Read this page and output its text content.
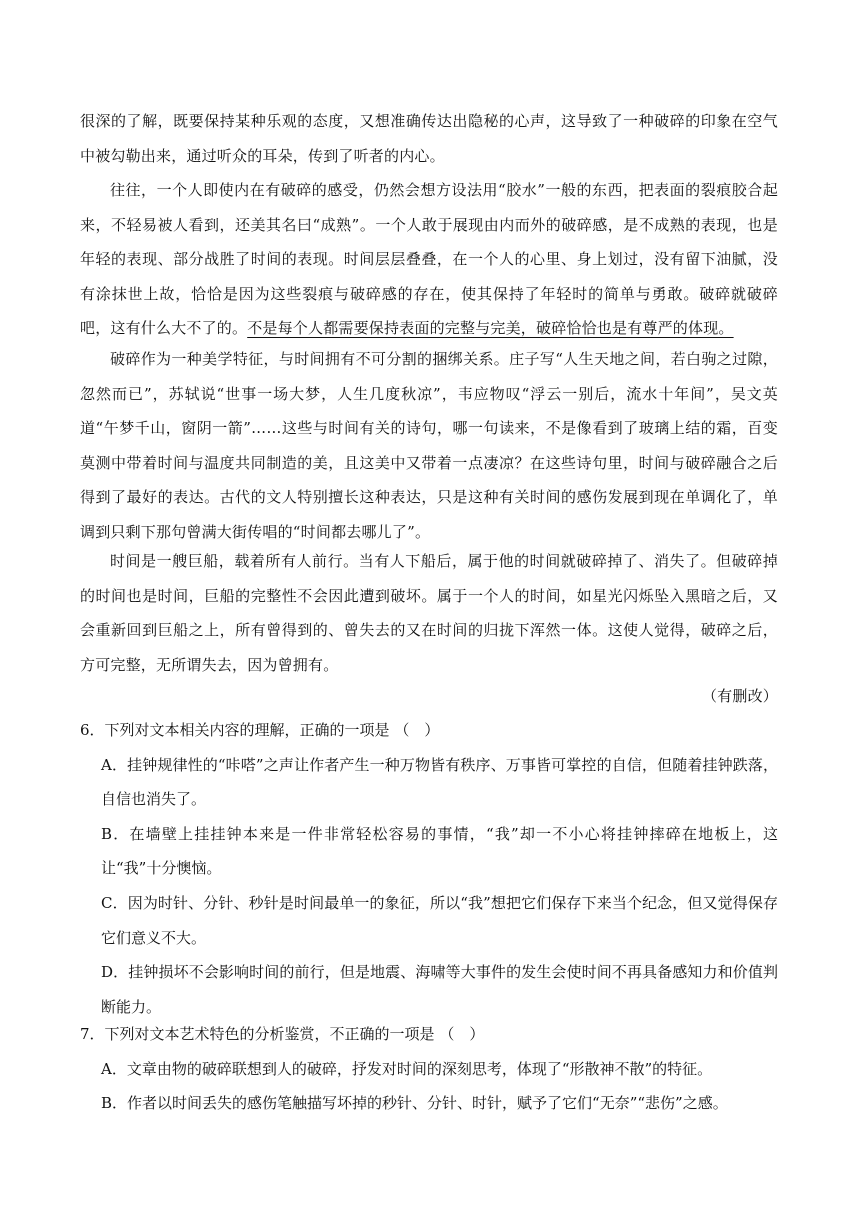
很深的了解，既要保持某种乐观的态度，又想准确传达出隐秘的心声，这导致了一种破碎的印象在空气中被勾勒出来，通过听众的耳朵，传到了听者的内心。

往往，一个人即使内在有破碎的感受，仍然会想方设法用“胶水”一般的东西，把表面的裂痕胶合起来，不轻易被人看到，还美其名曰“成熟”。一个人敢于展现由内而外的破碎感，是不成熟的表现，也是年轻的表现、部分战胜了时间的表现。时间层层叠叠，在一个人的心里、身上划过，没有留下油腻，没有涂抹世上故，恰恰是因为这些裂痕与破碎感的存在，使其保持了年轻时的简单与勇敢。破碎就破碎吧，这有什么大不了的。不是每个人都需要保持表面的完整与完美，破碎恰恰也是有尊严的体现。

破碎作为一种美学特征，与时间拥有不可分割的捆绑关系。庄子写“人生天地之间，若白驹之过隙，忽然而已”，苏轼说“世事一场大梦，人生几度秋凉”，韦应物叹“浮云一别后，流水十年间”，吴文英道“午梦千山，窗阴一箭”……这些与时间有关的诗句，哪一句读来，不是像看到了玻璃上结的霜，百变莫测中带着时间与温度共同制造的美，且这美中又带着一点凄凉？在这些诗句里，时间与破碎融合之后得到了最好的表达。古代的文人特别擅长这种表达，只是这种有关时间的感伤发展到现在单调化了，单调到只剩下那句曾满大街传唱的“时间都去哪儿了”。

时间是一艘巨船，载着所有人前行。当有人下船后，属于他的时间就破碎掉了、消失了。但破碎掉的时间也是时间，巨船的完整性不会因此遭到破坏。属于一个人的时间，如星光闪烁坠入黑暗之后，又会重新回到巨船之上，所有曾得到的、曾失去的又在时间的归拢下浑然一体。这使人觉得，破碎之后，方可完整，无所谓失去，因为曾拥有。

（有删改）

6．下列对文本相关内容的理解，正确的一项是 （　）

A．挂钟规律性的“咔嗒”之声让作者产生一种万物皆有秩序、万事皆可掌控的自信，但随着挂钟跌落，自信也消失了。

B．在墙壁上挂挂钟本来是一件非常轻松容易的事情，“我”却一不小心将挂钟摔碎在地板上，这让“我”十分懊恼。

C．因为时针、分针、秒针是时间最单一的象征，所以“我”想把它们保存下来当个纪念，但又觉得保存它们意义不大。

D．挂钟损坏不会影响时间的前行，但是地震、海啸等大事件的发生会使时间不再具备感知力和价值判断能力。

7．下列对文本艺术特色的分析鉴赏，不正确的一项是 （　）

A．文章由物的破碎联想到人的破碎，抒发对时间的深刻思考，体现了“形散神不散”的特征。

B．作者以时间丢失的感伤笔触描写坏掉的秒针、分针、时针，赋予了它们“无奈”“悲伤”之感。
